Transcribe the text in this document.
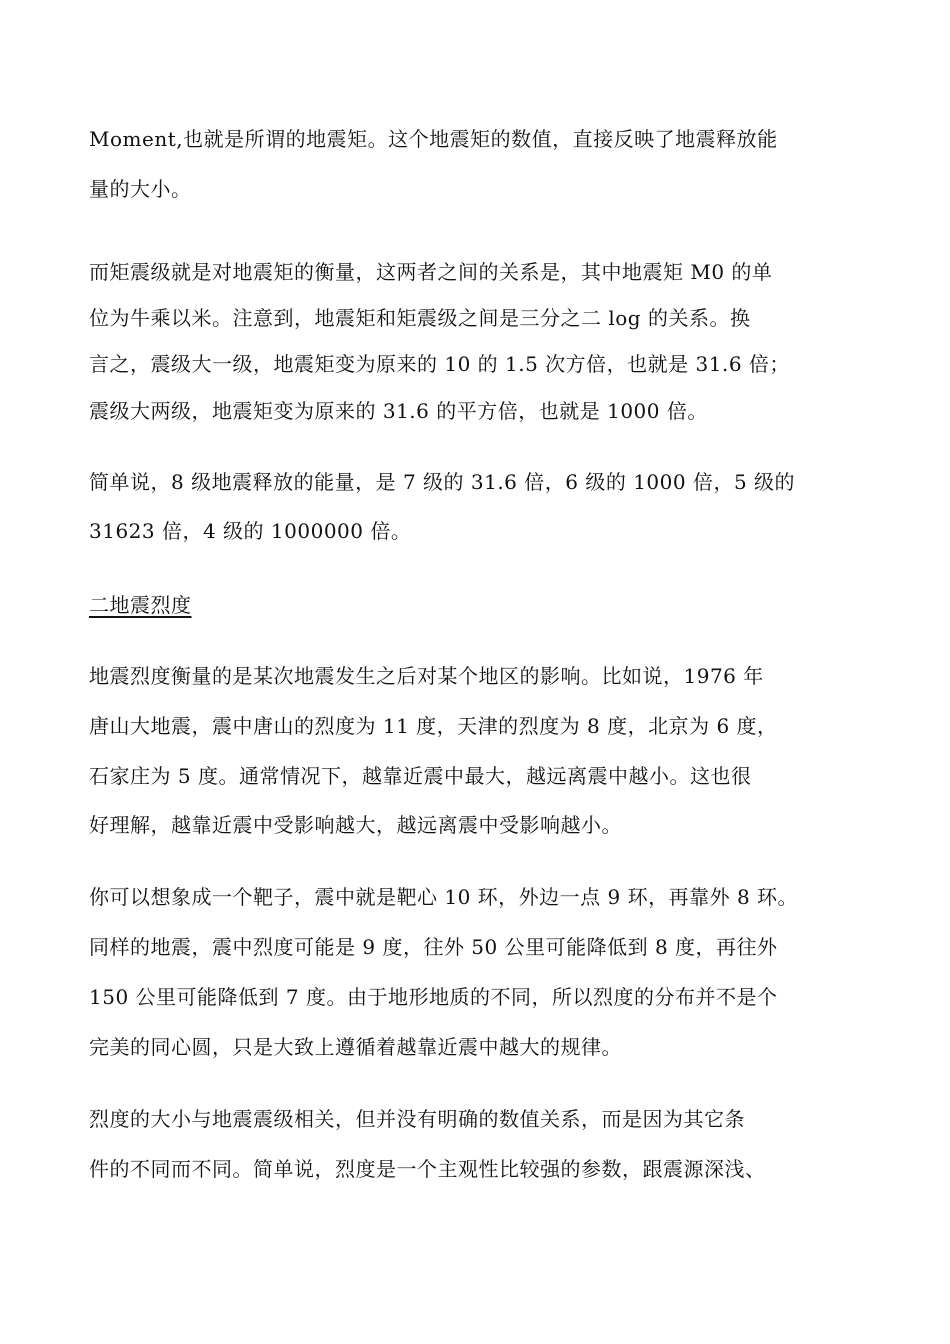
Moment,也就是所谓的地震矩。这个地震矩的数值，直接反映了地震释放能
量的大小。
而矩震级就是对地震矩的衡量，这两者之间的关系是，其中地震矩 M0 的单
位为牛乘以米。注意到，地震矩和矩震级之间是三分之二 log 的关系。换
言之，震级大一级，地震矩变为原来的 10 的 1.5 次方倍，也就是 31.6 倍；
震级大两级，地震矩变为原来的 31.6 的平方倍，也就是 1000 倍。
简单说，8 级地震释放的能量，是 7 级的 31.6 倍，6 级的 1000 倍，5 级的
31623 倍，4 级的 1000000 倍。
二地震烈度
地震烈度衡量的是某次地震发生之后对某个地区的影响。比如说，1976 年
唐山大地震，震中唐山的烈度为 11 度，天津的烈度为 8 度，北京为 6 度，
石家庄为 5 度。通常情况下，越靠近震中最大，越远离震中越小。这也很
好理解，越靠近震中受影响越大，越远离震中受影响越小。
你可以想象成一个靶子，震中就是靶心 10 环，外边一点 9 环，再靠外 8 环。
同样的地震，震中烈度可能是 9 度，往外 50 公里可能降低到 8 度，再往外
150 公里可能降低到 7 度。由于地形地质的不同，所以烈度的分布并不是个
完美的同心圆，只是大致上遵循着越靠近震中越大的规律。
烈度的大小与地震震级相关，但并没有明确的数值关系，而是因为其它条
件的不同而不同。简单说，烈度是一个主观性比较强的参数，跟震源深浅、
